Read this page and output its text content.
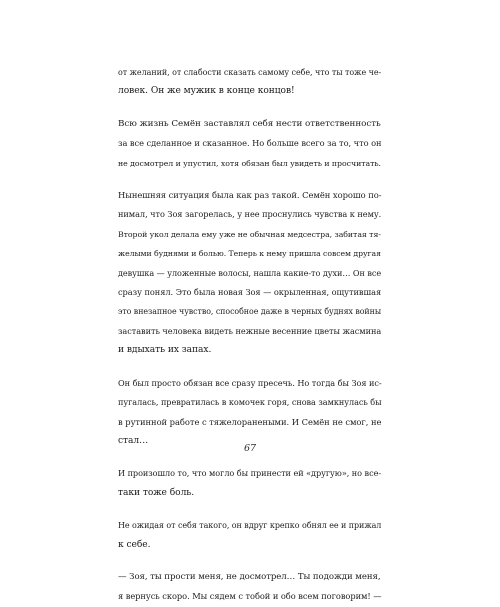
от желаний, от слабости сказать самому себе, что ты тоже че-
ловек. Он же мужик в конце концов!

Всю жизнь Семён заставлял себя нести ответственность
за все сделанное и сказанное. Но больше всего за то, что он
не досмотрел и упустил, хотя обязан был увидеть и просчитать.

Нынешняя ситуация была как раз такой. Семён хорошо по-
нимал, что Зоя загорелась, у нее проснулись чувства к нему.
Второй укол делала ему уже не обычная медсестра, забитая тя-
желыми буднями и болью. Теперь к нему пришла совсем другая
девушка — уложенные волосы, нашла какие-то духи… Он все
сразу понял. Это была новая Зоя — окрыленная, ощутившая
это внезапное чувство, способное даже в черных буднях войны
заставить человека видеть нежные весенние цветы жасмина
и вдыхать их запах.

Он был просто обязан все сразу пресечь. Но тогда бы Зоя ис-
пугалась, превратилась в комочек горя, снова замкнулась бы
в рутинной работе с тяжелоранеными. И Семён не смог, не
стал…

И произошло то, что могло бы принести ей «другую», но все-
таки тоже боль.

Не ожидая от себя такого, он вдруг крепко обнял ее и прижал
к себе.

— Зоя, ты прости меня, не досмотрел… Ты подожди меня,
я вернусь скоро. Мы сядем с тобой и обо всем поговорим! —

67
